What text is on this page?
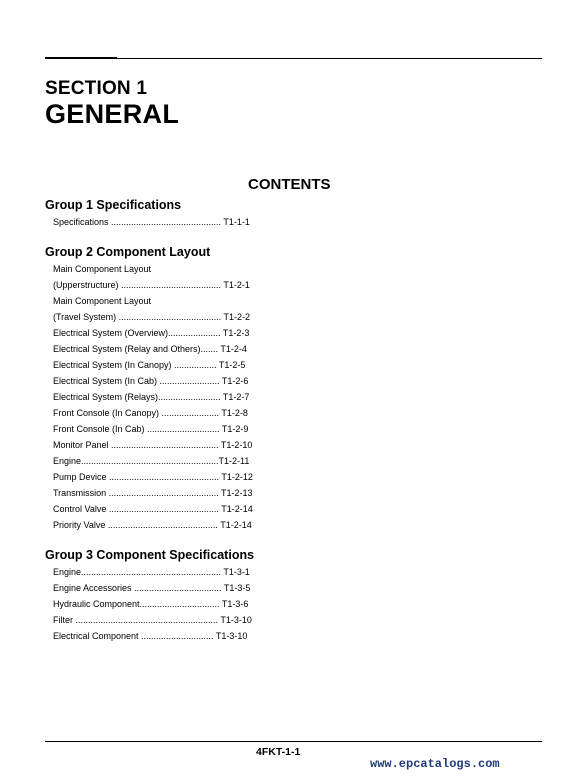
SECTION 1
GENERAL
CONTENTS
Group 1 Specifications
Specifications ............................................ T1-1-1
Group 2 Component Layout
Main Component Layout
(Upperstructure) ........................................ T1-2-1
Main Component Layout
(Travel System) ......................................... T1-2-2
Electrical System (Overview)..................... T1-2-3
Electrical System (Relay and Others)....... T1-2-4
Electrical System (In Canopy) ................. T1-2-5
Electrical System (In Cab) ........................ T1-2-6
Electrical System (Relays)......................... T1-2-7
Front Console (In Canopy) ....................... T1-2-8
Front Console (In Cab) ............................. T1-2-9
Monitor Panel ........................................... T1-2-10
Engine.......................................................T1-2-11
Pump Device ............................................ T1-2-12
Transmission ............................................ T1-2-13
Control Valve ............................................ T1-2-14
Priority Valve ............................................ T1-2-14
Group 3 Component Specifications
Engine........................................................ T1-3-1
Engine Accessories ................................... T1-3-5
Hydraulic Component................................ T1-3-6
Filter ......................................................... T1-3-10
Electrical Component ............................. T1-3-10
4FKT-1-1
www.epcatalogs.com
